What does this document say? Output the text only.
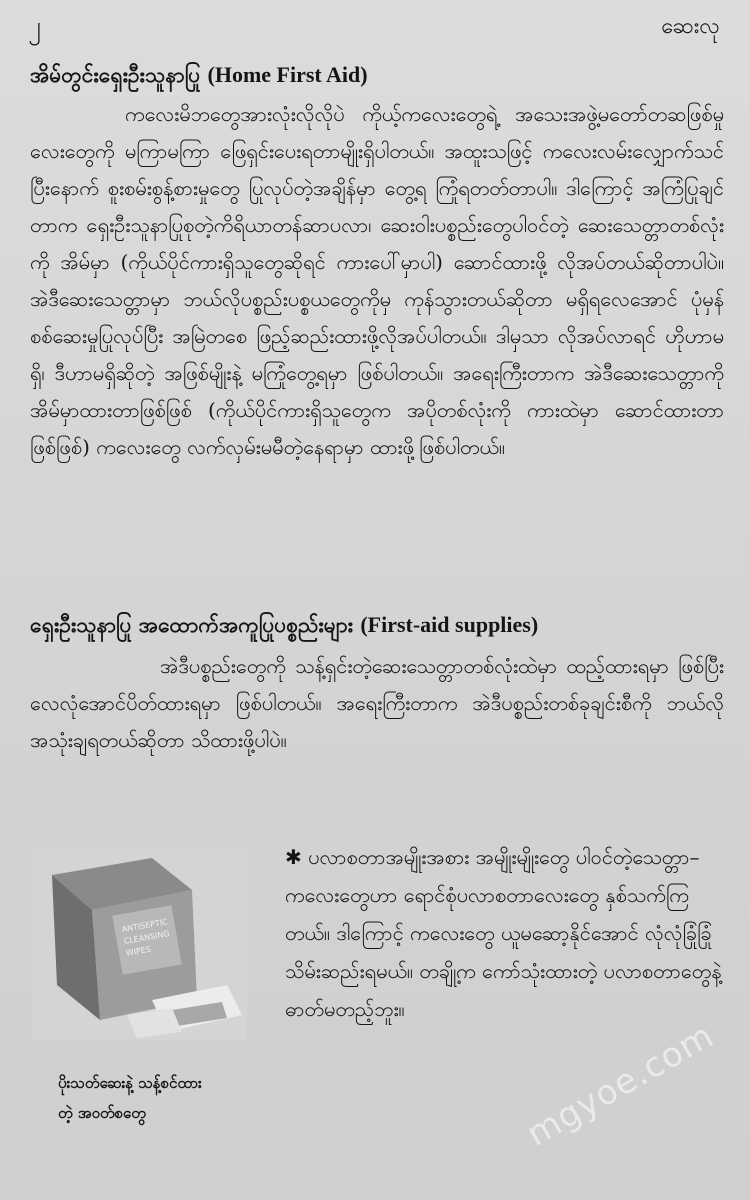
၂	ဆေးလု
အိမ်တွင်းရှေးဦးသူနာပြု (Home First Aid)

ကလေးမိဘတွေအားလုံးလိုလိုပဲ ကိုယ့်ကလေးတွေရဲ့ အသေးအဖွဲ့မတော်တဆဖြစ်မှုလေးတွေကို မကြာမကြာ ဖြေရှင်းပေးရတာမျိုးရှိပါတယ်။ အထူးသဖြင့် ကလေးလမ်းလျှောက်သင်ပြီးနောက် စူးစမ်းစွန့်စားမှုတွေ ပြုလုပ်တဲ့အချိန်မှာ တွေ့ရ ကြုံရတတ်တာပါ။ ဒါကြောင့် အကြံပြုချင်တာက ရှေးဦးသူနာပြုစုတဲ့ကိရိယာတန်ဆာပလာ၊ ဆေးဝါးပစ္စည်းတွေပါဝင်တဲ့ ဆေးသေတ္တာတစ်လုံးကို အိမ်မှာ (ကိုယ်ပိုင်ကားရှိသူတွေဆိုရင် ကားပေါ်မှာပါ) ဆောင်ထားဖို့ လိုအပ်တယ်ဆိုတာပါပဲ။ အဲဒီဆေးသေတ္တာမှာ ဘယ်လိုပစ္စည်းပစ္စယတွေကိုမှ ကုန်သွားတယ်ဆိုတာ မရှိရလေအောင် ပုံမှန်စစ်ဆေးမှုပြုလုပ်ပြီး အမြဲတစေ ဖြည့်ဆည်းထားဖို့လိုအပ်ပါတယ်။ ဒါမှသာ လိုအပ်လာရင် ဟိုဟာမရှိ၊ ဒီဟာမရှိဆိုတဲ့ အဖြစ်မျိုးနဲ့ မကြုံတွေ့ရမှာ ဖြစ်ပါတယ်။ အရေးကြီးတာက အဲဒီဆေးသေတ္တာကို အိမ်မှာထားတာဖြစ်ဖြစ် (ကိုယ်ပိုင်ကားရှိသူတွေက အပိုတစ်လုံးကို ကားထဲမှာ ဆောင်ထားတာဖြစ်ဖြစ်) ကလေးတွေ လက်လှမ်းမမီတဲ့နေရာမှာ ထားဖို့ဖြစ်ပါတယ်။

ရှေးဦးသူနာပြု အထောက်အကူပြုပစ္စည်းများ (First-aid supplies)

အဲဒီပစ္စည်းတွေကို သန့်ရှင်းတဲ့ဆေးသေတ္တာတစ်လုံးထဲမှာ ထည့်ထားရမှာ ဖြစ်ပြီး လေလုံအောင်ပိတ်ထားရမှာ ဖြစ်ပါတယ်။ အရေးကြီးတာက အဲဒီပစ္စည်းတစ်ခုချင်းစီကို ဘယ်လိုအသုံးချရတယ်ဆိုတာ သိထားဖို့ပါပဲ။

ANTISEPTIC
CLEANSING
WIPES
ပိုးသတ်ဆေးနဲ့ သန့်စင်ထားတဲ့ အဝတ်စတွေ

✱ ပလာစတာအမျိုးအစား အမျိုးမျိုးတွေ ပါဝင်တဲ့သေတ္တာ– ကလေးတွေဟာ ရောင်စုံပလာစတာလေးတွေ နှစ်သက်ကြတယ်။ ဒါကြောင့် ကလေးတွေ ယူမဆော့နိုင်အောင် လုံလုံခြုံခြုံ သိမ်းဆည်းရမယ်။ တချို့က ကော်သုံးထားတဲ့ ပလာစတာတွေနဲ့ ဓာတ်မတည့်ဘူး။

mgyoe.com
